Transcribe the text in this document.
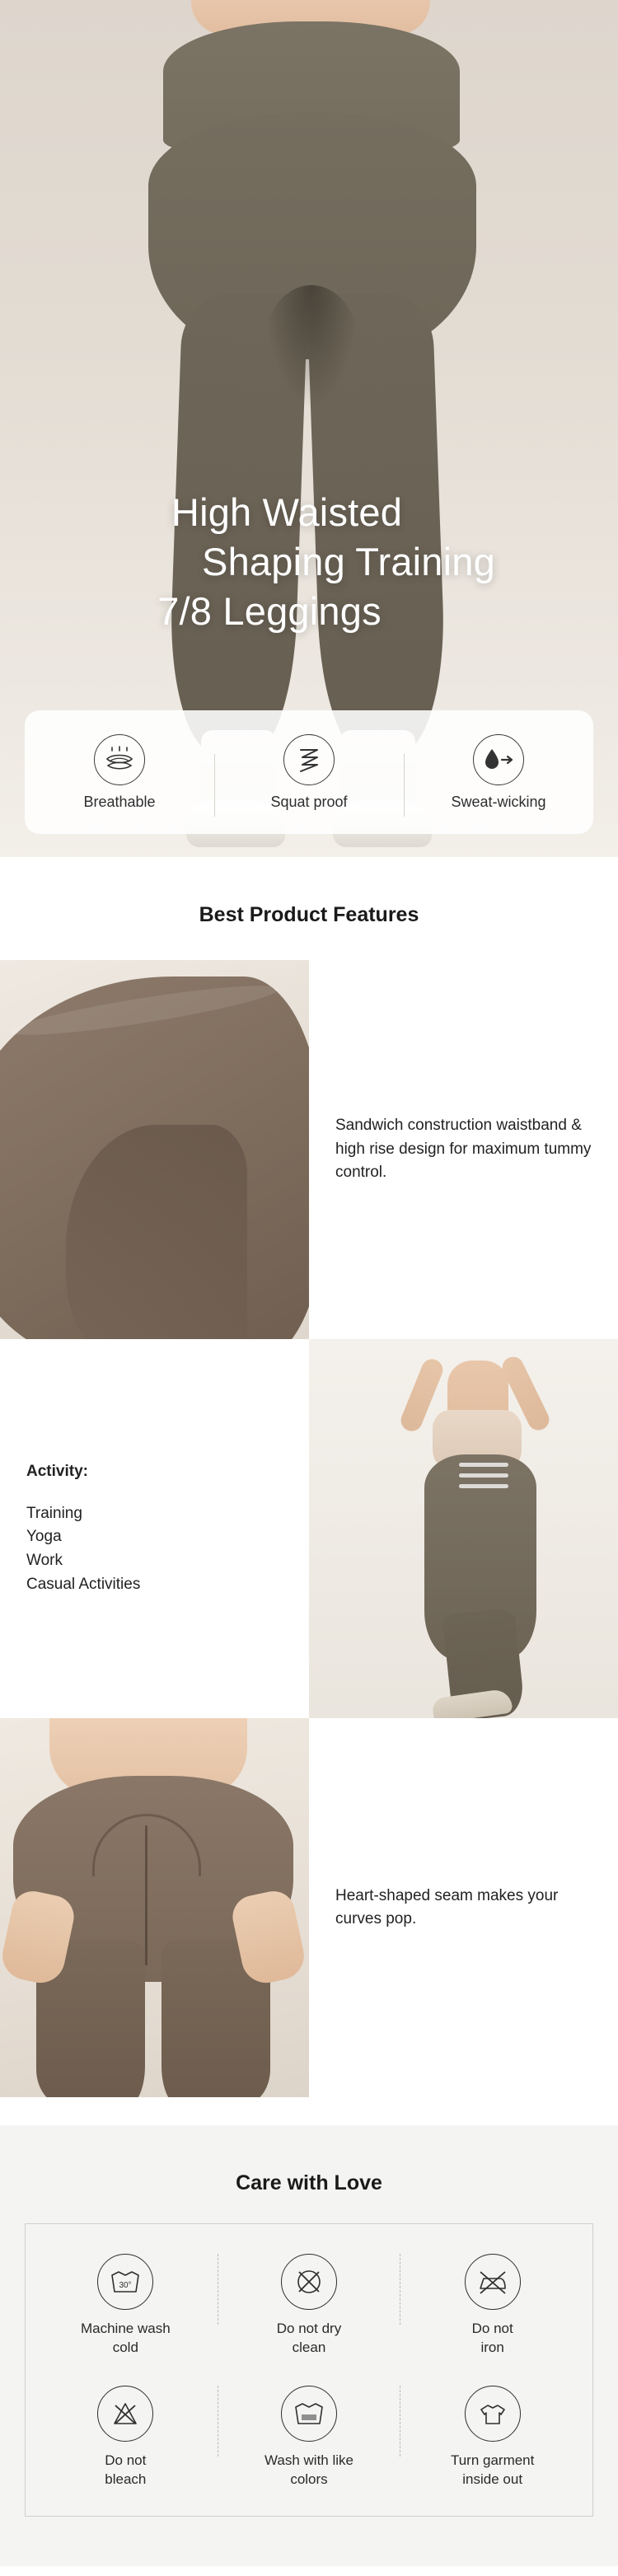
High Waisted
Shaping Training
7/8 Leggings
Breathable	Squat proof	Sweat-wicking
Best Product Features

Sandwich construction waistband & high rise design for maximum tummy control.

Activity:
Training
Yoga
Work
Casual Activities

Heart-shaped seam makes your curves pop.

Care with Love
30°
Machine wash
cold
Do not dry
clean
Do not
iron
Do not
bleach
Wash with like
colors
Turn garment
inside out
